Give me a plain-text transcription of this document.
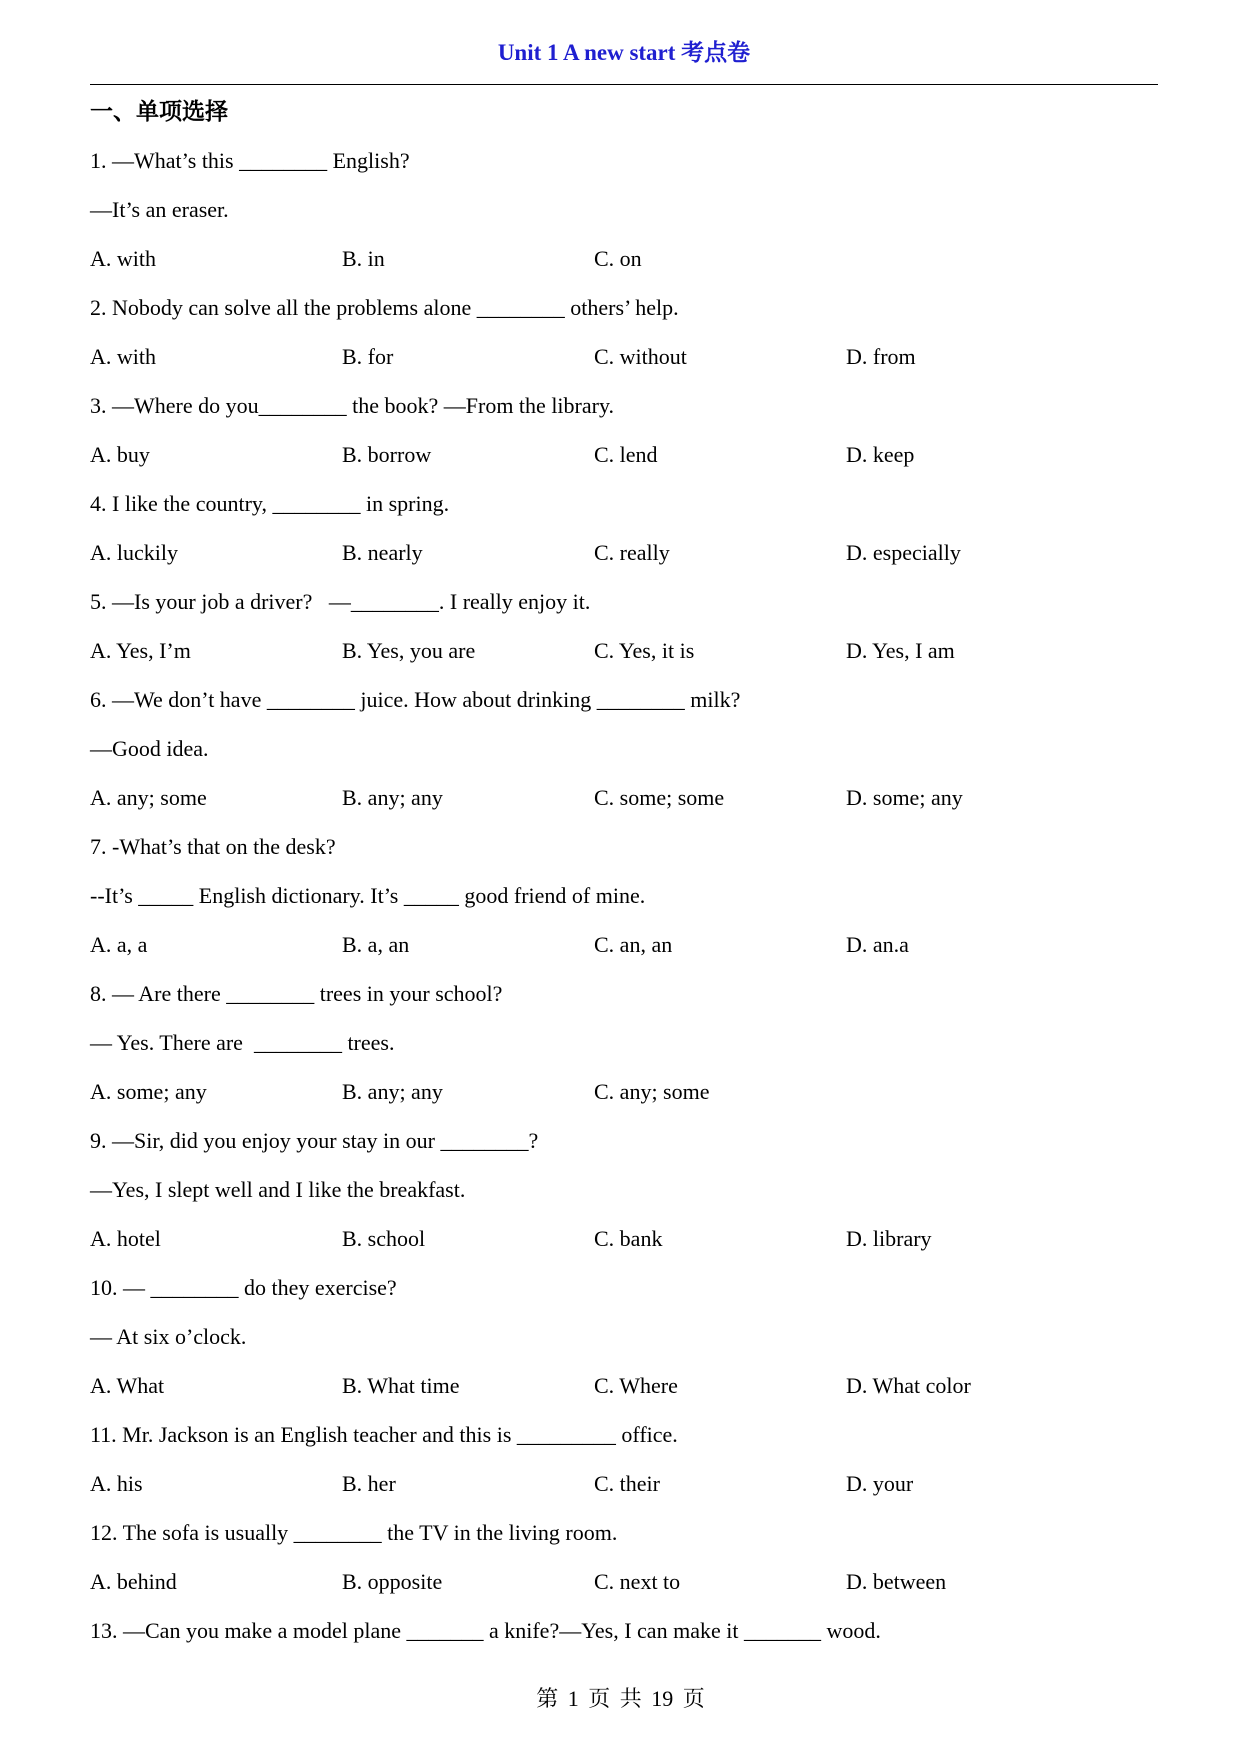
Unit 1 A new start 考点卷
一、单项选择
1. —What’s this ________ English?
—It’s an eraser.
A. with	B. in	C. on
2. Nobody can solve all the problems alone ________ others’ help.
A. with	B. for	C. without	D. from
3. —Where do you________ the book? —From the library.
A. buy	B. borrow	C. lend	D. keep
4. I like the country, ________ in spring.
A. luckily	B. nearly	C. really	D. especially
5. —Is your job a driver?   —________. I really enjoy it.
A. Yes, I’m	B. Yes, you are	C. Yes, it is	D. Yes, I am
6. —We don’t have ________ juice. How about drinking ________ milk?
—Good idea.
A. any; some	B. any; any	C. some; some	D. some; any
7. -What’s that on the desk?
--It’s _____ English dictionary. It’s _____ good friend of mine.
A. a, a	B. a, an	C. an, an	D. an.a
8. — Are there ________ trees in your school?
— Yes. There are  ________ trees.
A. some; any	B. any; any	C. any; some
9. —Sir, did you enjoy your stay in our ________?
—Yes, I slept well and I like the breakfast.
A. hotel	B. school	C. bank	D. library
10. — ________ do they exercise?
— At six o’clock.
A. What	B. What time	C. Where	D. What color
11. Mr. Jackson is an English teacher and this is _________ office.
A. his	B. her	C. their	D. your
12. The sofa is usually ________ the TV in the living room.
A. behind	B. opposite	C. next to	D. between
13. —Can you make a model plane _______ a knife?—Yes, I can make it _______ wood.
第 1 页 共 19 页
